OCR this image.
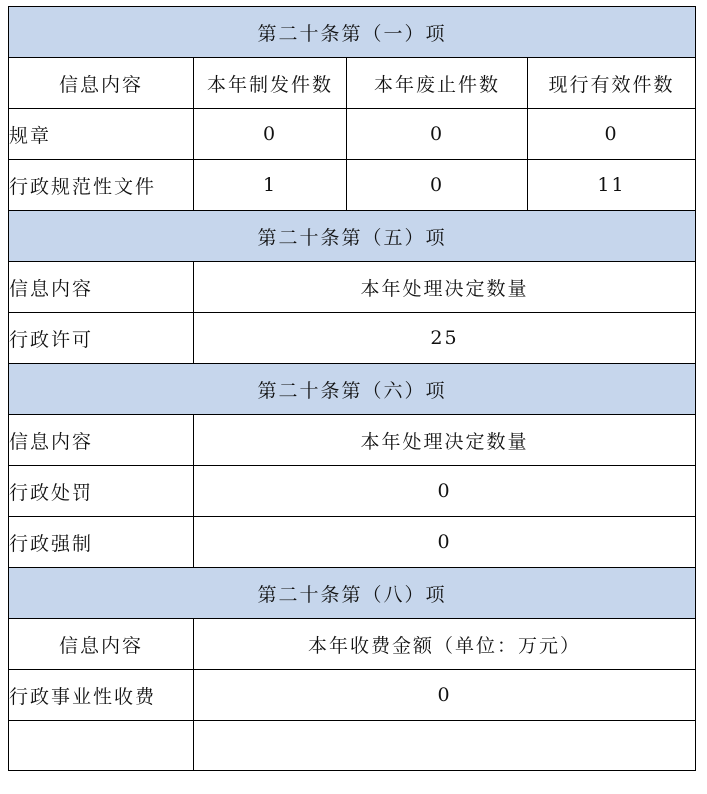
第二十条第（一）项			
信息内容	本年制发件数	本年废止件数	现行有效件数
规章	0	0	0
行政规范性文件	1	0	11
第二十条第（五）项			
信息内容	本年处理决定数量		
行政许可	25		
第二十条第（六）项			
信息内容	本年处理决定数量		
行政处罚	0		
行政强制	0		
第二十条第（八）项			
信息内容	本年收费金额（单位：万元）		
行政事业性收费	0		
